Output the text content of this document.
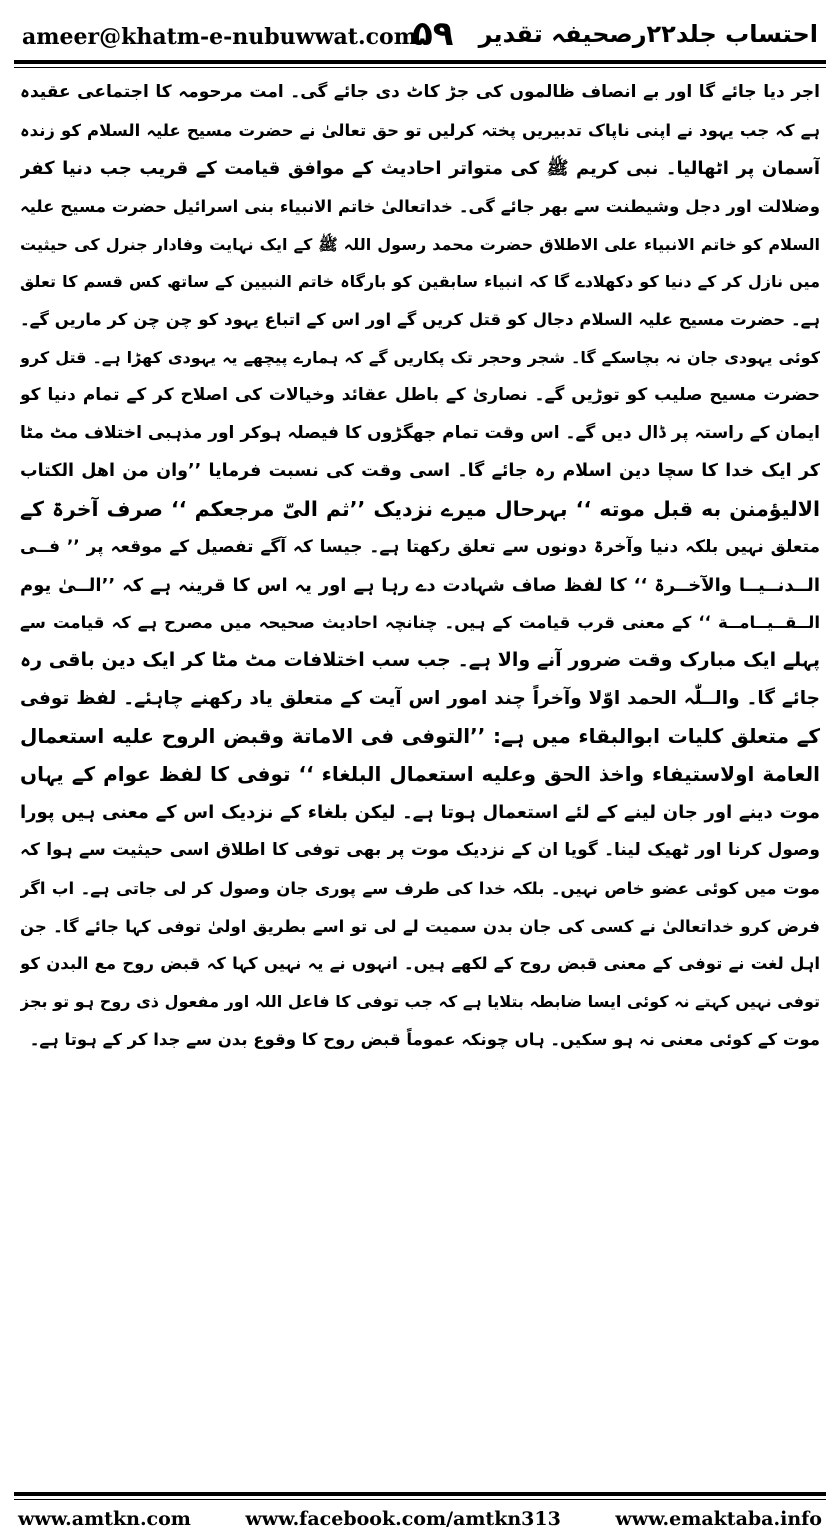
ameer@khatm-e-nubuwwat.com
۵۹ احتساب جلد۲۲رصحیفہ تقدیر
اجر دیا جائے گا اور بے انصاف ظالموں کی جڑ کاٹ دی جائے گی۔ امت مرحومہ کا اجتماعی عقیدہ
ہے کہ جب یہود نے اپنی ناپاک تدبیریں پختہ کرلیں تو حق تعالیٰ نے حضرت مسیح علیہ السلام کو زندہ
آسمان پر اٹھالیا۔ نبی کریم ﷺ کی متواتر احادیث کے موافق قیامت کے قریب جب دنیا کفر
وضلالت اور دجل وشیطنت سے بھر جائے گی۔ خداتعالیٰ خاتم الانبیاء بنی اسرائیل حضرت مسیح علیہ
السلام کو خاتم الانبیاء علی الاطلاق حضرت محمد رسول اللہ ﷺ کے ایک نہایت وفادار جنرل کی حیثیت
میں نازل کر کے دنیا کو دکھلادے گا کہ انبیاء سابقین کو بارگاہ خاتم النبیین کے ساتھ کس قسم کا تعلق
ہے۔ حضرت مسیح علیہ السلام دجال کو قتل کریں گے اور اس کے اتباع یہود کو چن چن کر ماریں گے۔
کوئی یہودی جان نہ بچاسکے گا۔ شجر وحجر تک پکاریں گے کہ ہمارے پیچھے یہ یہودی کھڑا ہے۔ قتل کرو
حضرت مسیح صلیب کو توڑیں گے۔ نصاریٰ کے باطل عقائد وخیالات کی اصلاح کر کے تمام دنیا کو
ایمان کے راستہ پر ڈال دیں گے۔ اس وقت تمام جھگڑوں کا فیصلہ ہوکر اور مذہبی اختلاف مٹ مٹا
کر ایک خدا کا سچا دین اسلام رہ جائے گا۔ اسی وقت کی نسبت فرمایا ’’وان من اھل الکتاب
الالیؤمنن به قبل موته ‘‘ بہرحال میرے نزدیک ’’ثم الیّ مرجعکم ‘‘ صرف آخرۃ کے
متعلق نہیں بلکہ دنیا وآخرۃ دونوں سے تعلق رکھتا ہے۔ جیسا کہ آگے تفصیل کے موقعہ پر ’’ فــی
الــدنــیــا والآخــرۃ ‘‘ کا لفظ صاف شہادت دے رہا ہے اور یہ اس کا قرینہ ہے کہ ’’الــیٰ یوم
الــقــیــامــة ‘‘ کے معنی قرب قیامت کے ہیں۔ چنانچہ احادیث صحیحہ میں مصرح ہے کہ قیامت سے
پہلے ایک مبارک وقت ضرور آنے والا ہے۔ جب سب اختلافات مٹ مٹا کر ایک دین باقی رہ
جائے گا۔ والــلّٰہ الحمد اوّلا وآخراً چند امور اس آیت کے متعلق یاد رکھنے چاہئے۔ لفظ توفی
کے متعلق کلیات ابوالبقاء میں ہے: ’’التوفی فی الاماتة وقبض الروح علیه استعمال
العامة اولاستیفاء واخذ الحق وعلیه استعمال البلغاء ‘‘ توفی کا لفظ عوام کے یہاں
موت دینے اور جان لینے کے لئے استعمال ہوتا ہے۔ لیکن بلغاء کے نزدیک اس کے معنی ہیں پورا
وصول کرنا اور ٹھیک لینا۔ گویا ان کے نزدیک موت پر بھی توفی کا اطلاق اسی حیثیت سے ہوا کہ
موت میں کوئی عضو خاص نہیں۔ بلکہ خدا کی طرف سے پوری جان وصول کر لی جاتی ہے۔ اب اگر
فرض کرو خداتعالیٰ نے کسی کی جان بدن سمیت لے لی تو اسے بطریق اولیٰ توفی کہا جائے گا۔ جن
اہل لغت نے توفی کے معنی قبض روح کے لکھے ہیں۔ انہوں نے یہ نہیں کہا کہ قبض روح مع البدن کو
توفی نہیں کہتے نہ کوئی ایسا ضابطہ بتلایا ہے کہ جب توفی کا فاعل اللہ اور مفعول ذی روح ہو تو بجز
موت کے کوئی معنی نہ ہو سکیں۔ ہاں چونکہ عموماً قبض روح کا وقوع بدن سے جدا کر کے ہوتا ہے۔
www.amtkn.com	www.facebook.com/amtkn313	www.emaktaba.info
